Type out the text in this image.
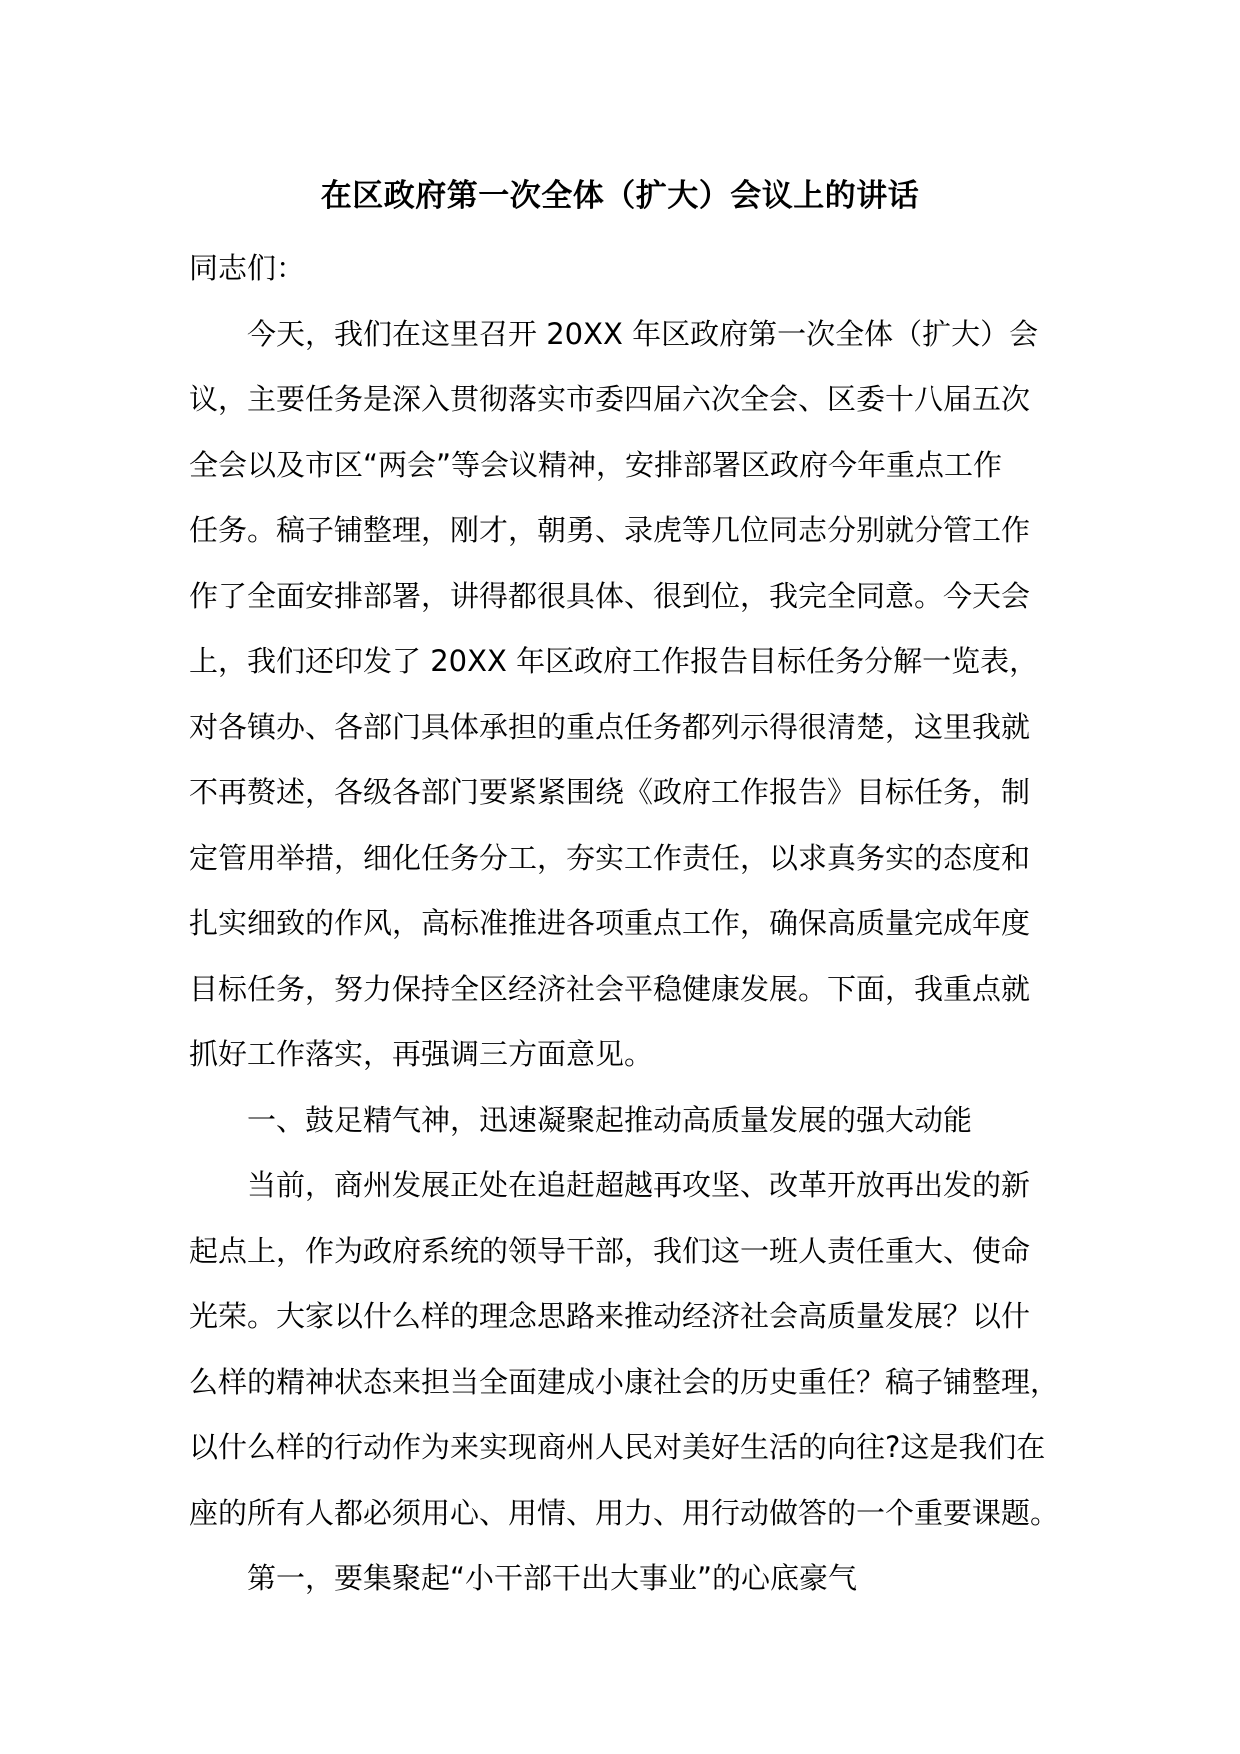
在区政府第一次全体（扩大）会议上的讲话

同志们：

今天，我们在这里召开 20XX 年区政府第一次全体（扩大）会

议，主要任务是深入贯彻落实市委四届六次全会、区委十八届五次

全会以及市区“两会”等会议精神，安排部署区政府今年重点工作

任务。稿子铺整理，刚才，朝勇、录虎等几位同志分别就分管工作

作了全面安排部署，讲得都很具体、很到位，我完全同意。今天会

上，我们还印发了 20XX 年区政府工作报告目标任务分解一览表，

对各镇办、各部门具体承担的重点任务都列示得很清楚，这里我就

不再赘述，各级各部门要紧紧围绕《政府工作报告》目标任务，制

定管用举措，细化任务分工，夯实工作责任，以求真务实的态度和

扎实细致的作风，高标准推进各项重点工作，确保高质量完成年度

目标任务，努力保持全区经济社会平稳健康发展。下面，我重点就

抓好工作落实，再强调三方面意见。

一、鼓足精气神，迅速凝聚起推动高质量发展的强大动能

当前，商州发展正处在追赶超越再攻坚、改革开放再出发的新

起点上，作为政府系统的领导干部，我们这一班人责任重大、使命

光荣。大家以什么样的理念思路来推动经济社会高质量发展？以什

么样的精神状态来担当全面建成小康社会的历史重任？稿子铺整理，

以什么样的行动作为来实现商州人民对美好生活的向往?这是我们在

座的所有人都必须用心、用情、用力、用行动做答的一个重要课题。

第一，要集聚起“小干部干出大事业”的心底豪气
